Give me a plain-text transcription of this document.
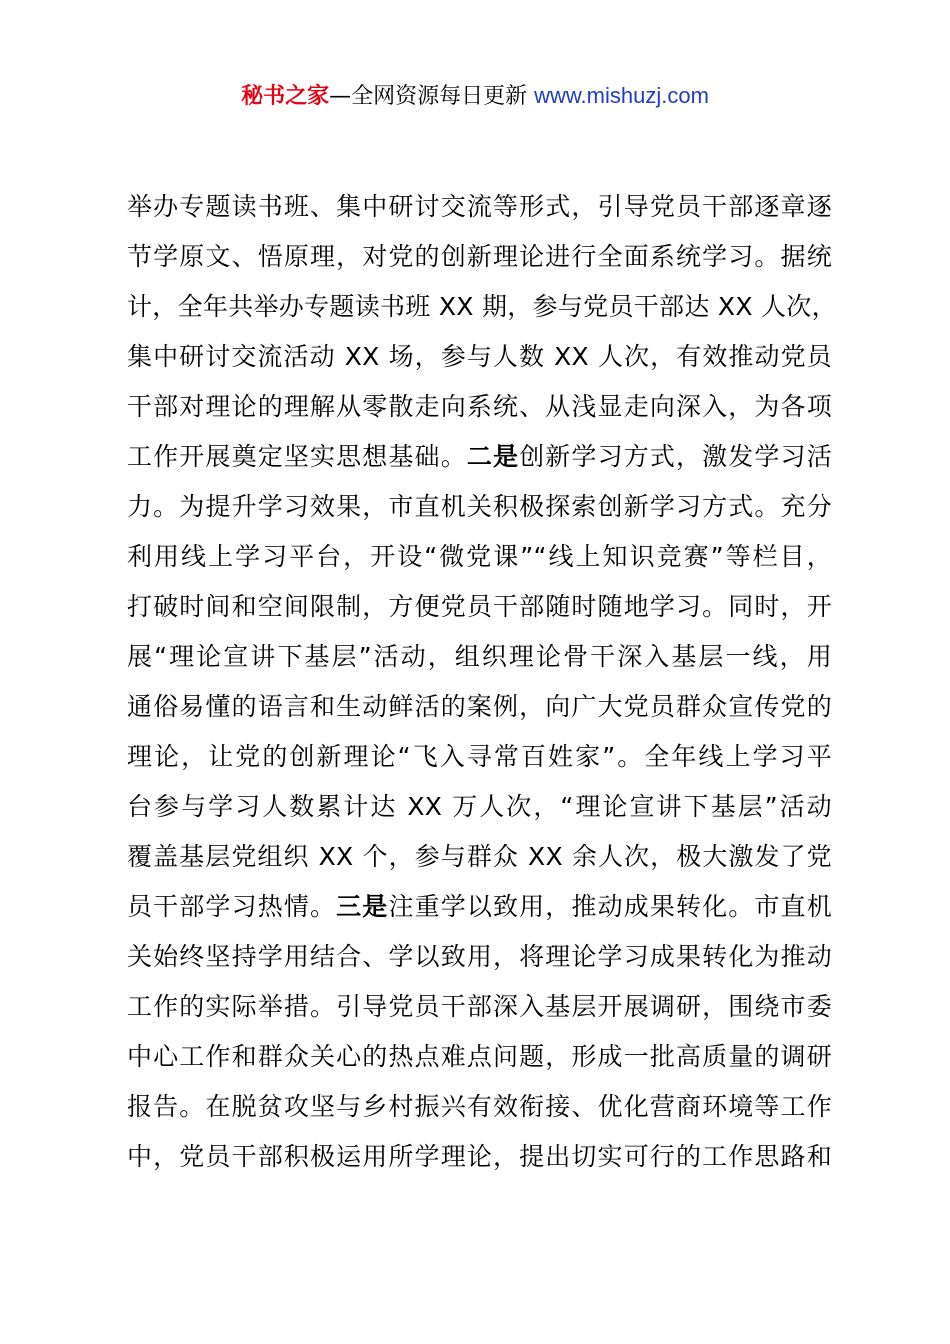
秘书之家—全网资源每日更新 www.mishuzj.com
举办专题读书班、集中研讨交流等形式，引导党员干部逐章逐
节学原文、悟原理，对党的创新理论进行全面系统学习。据统
计，全年共举办专题读书班 XX 期，参与党员干部达 XX 人次，
集中研讨交流活动 XX 场，参与人数 XX 人次，有效推动党员
干部对理论的理解从零散走向系统、从浅显走向深入，为各项
工作开展奠定坚实思想基础。二是创新学习方式，激发学习活
力。为提升学习效果，市直机关积极探索创新学习方式。充分
利用线上学习平台，开设“微党课”“线上知识竞赛”等栏目，
打破时间和空间限制，方便党员干部随时随地学习。同时，开
展“理论宣讲下基层”活动，组织理论骨干深入基层一线，用
通俗易懂的语言和生动鲜活的案例，向广大党员群众宣传党的
理论，让党的创新理论“飞入寻常百姓家”。全年线上学习平
台参与学习人数累计达 XX 万人次，“理论宣讲下基层”活动
覆盖基层党组织 XX 个，参与群众 XX 余人次，极大激发了党
员干部学习热情。三是注重学以致用，推动成果转化。市直机
关始终坚持学用结合、学以致用，将理论学习成果转化为推动
工作的实际举措。引导党员干部深入基层开展调研，围绕市委
中心工作和群众关心的热点难点问题，形成一批高质量的调研
报告。在脱贫攻坚与乡村振兴有效衔接、优化营商环境等工作
中，党员干部积极运用所学理论，提出切实可行的工作思路和
